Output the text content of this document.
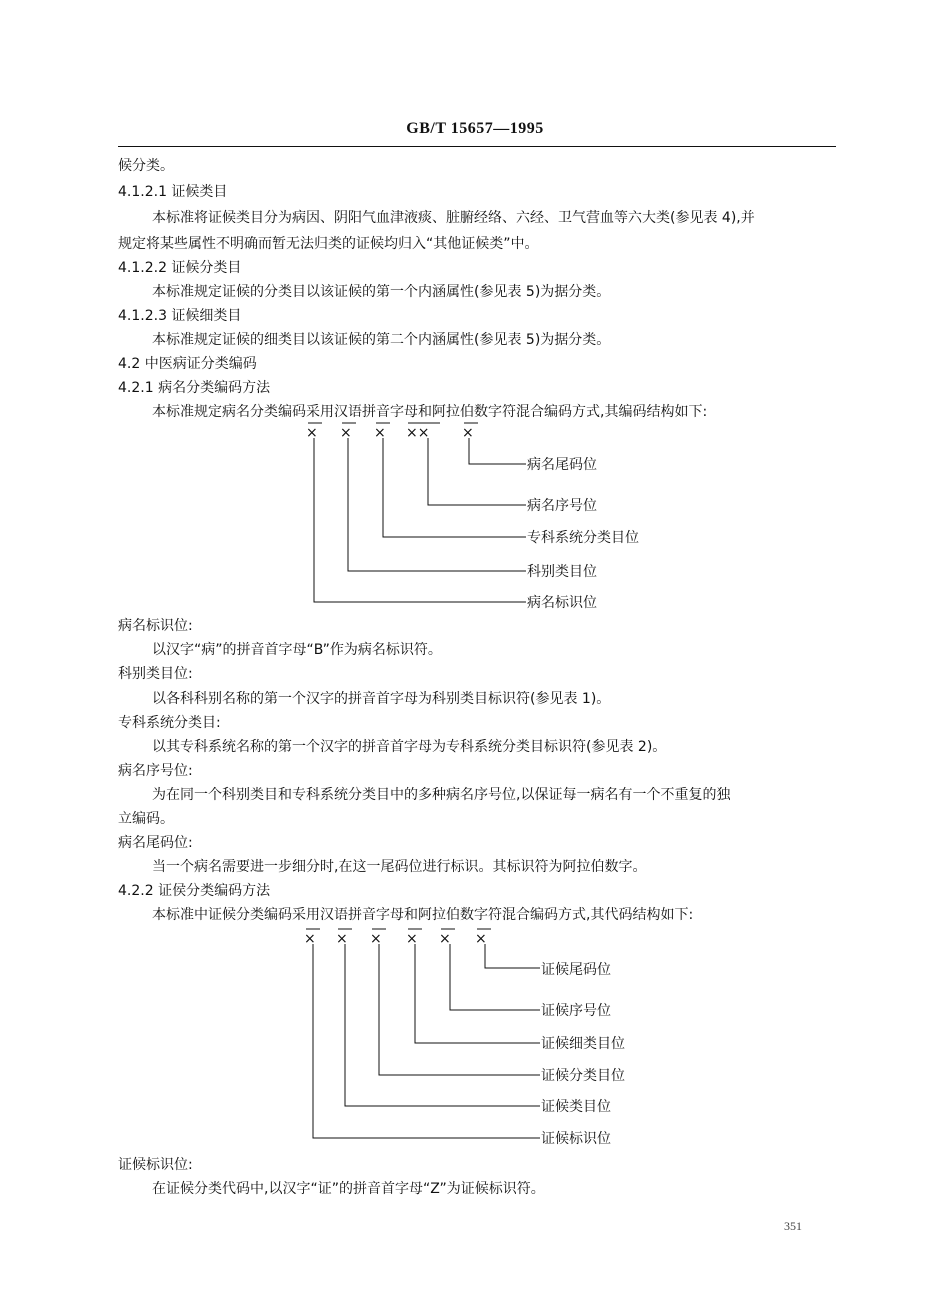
GB/T 15657—1995
候分类。
4.1.2.1 证候类目
本标准将证候类目分为病因、阴阳气血津液痰、脏腑经络、六经、卫气营血等六大类(参见表 4),并
规定将某些属性不明确而暂无法归类的证候均归入“其他证候类”中。
4.1.2.2 证候分类目
本标准规定证候的分类目以该证候的第一个内涵属性(参见表 5)为据分类。
4.1.2.3 证候细类目
本标准规定证候的细类目以该证候的第二个内涵属性(参见表 5)为据分类。
4.2 中医病证分类编码
4.2.1 病名分类编码方法
本标准规定病名分类编码采用汉语拼音字母和阿拉伯数字符混合编码方式,其编码结构如下:
× × × ×× ×
病名尾码位
病名序号位
专科系统分类目位
科别类目位
病名标识位
病名标识位:
以汉字“病”的拼音首字母“B”作为病名标识符。
科别类目位:
以各科科别名称的第一个汉字的拼音首字母为科别类目标识符(参见表 1)。
专科系统分类目:
以其专科系统名称的第一个汉字的拼音首字母为专科系统分类目标识符(参见表 2)。
病名序号位:
为在同一个科别类目和专科系统分类目中的多种病名序号位,以保证每一病名有一个不重复的独
立编码。
病名尾码位:
当一个病名需要进一步细分时,在这一尾码位进行标识。其标识符为阿拉伯数字。
4.2.2 证侯分类编码方法
本标准中证候分类编码采用汉语拼音字母和阿拉伯数字符混合编码方式,其代码结构如下:
× × × × × ×
证候尾码位
证候序号位
证候细类目位
证候分类目位
证候类目位
证候标识位
证候标识位:
在证候分类代码中,以汉字“证”的拼音首字母“Z”为证候标识符。
351
